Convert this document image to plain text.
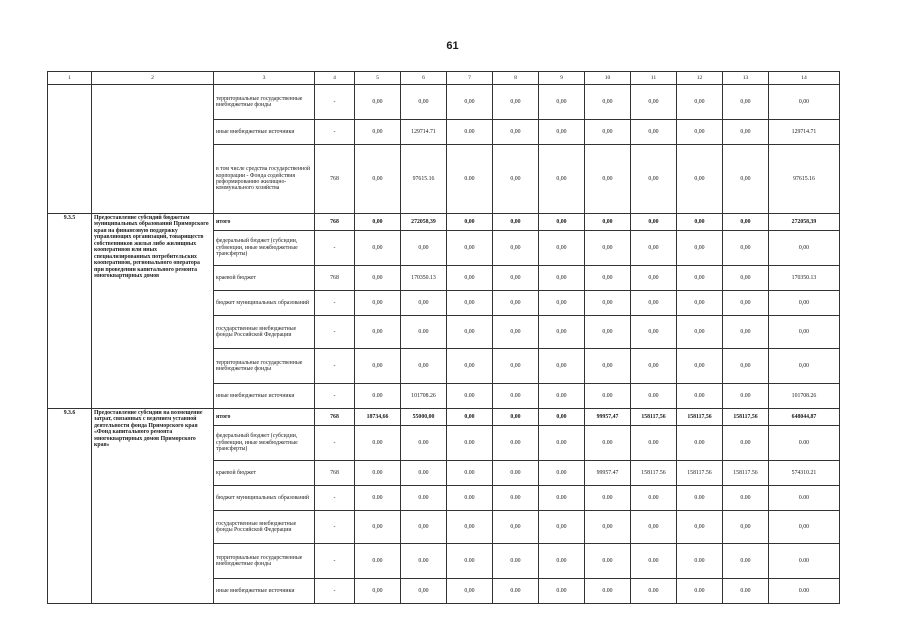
61
1	2	3	4	5	6	7	8	9	10	11	12	13	14
		территориальные государственные внебюджетные фонды	-	0,00	0,00	0,00	0,00	0,00	0,00	0,00	0,00	0,00	0,00
		иные внебюджетные источники	-	0,00	129714.71	0.00	0,00	0,00	0,00	0,00	0,00	0,00	129714.71
		в том числе средства государственной корпорации - Фонда содействия реформированию жилищно-коммунального хозяйства	768	0,00	97615.16	0.00	0,00	0,00	0,00	0,00	0,00	0,00	97615.16
9.3.5	Предоставление субсидий бюджетам муниципальных образований Приморского края на финансовую поддержку управляющих организаций, товариществ собственников жилья либо жилищных кооперативов или иных специализированных потребительских кооперативов, регионального оператора при проведении капитального ремонта многоквартирных домов	итого	768	0,00	272058,39	0,00	0,00	0,00	0,00	0,00	0,00	0,00	272058,39
		федеральный бюджет (субсидии, субвенции, иные межбюджетные трансферты)	-	0,00	0,00	0,00	0,00	0,00	0,00	0,00	0,00	0,00	0,00
		краевой бюджет	768	0,00	170350.13	0,00	0,00	0,00	0,00	0,00	0,00	0,00	170350.13
		бюджет муниципальных образований	-	0,00	0,00	0,00	0,00	0,00	0,00	0,00	0,00	0,00	0,00
		государственные внебюджетные фонды Российской Федерации	-	0,00	0.00	0,00	0,00	0,00	0,00	0,00	0,00	0,00	0,00
		территориальные государственные внебюджетные фонды	-	0,00	0,00	0,00	0,00	0,00	0,00	0,00	0,00	0,00	0,00
		иные внебюджетные источники	-	0.00	101708.26	0.00	0.00	0.00	0.00	0.00	0.00	0.00	101708.26
9.3.6	Предоставление субсидии на возмещение затрат, связанных с ведением уставной деятельности фонда Приморского края «Фонд капитального ремонта многоквартирных домов Приморского края»	итого	768	18734,66	55000,00	0,00	0,00	0,00	99957,47	158117,56	158117,56	158117,56	648044,87
		федеральный бюджет (субсидии, субвенции, иные межбюджетные трансферты)	-	0.00	0.00	0.00	0.00	0.00	0.00	0.00	0.00	0.00	0.00
		краевой бюджет	768	0.00	0.00	0.00	0.00	0.00	99957.47	158117.56	158117.56	158117.56	574310.21
		бюджет муниципальных образований	-	0.00	0.00	0.00	0.00	0.00	0.00	0.00	0.00	0.00	0.00
		государственные внебюджетные фонды Российской Федерации	-	0,00	0,00	0,00	0,00	0,00	0,00	0,00	0,00	0,00	0,00
		территориальные государственные внебюджетные фонды	-	0.00	0.00	0.00	0.00	0.00	0.00	0.00	0.00	0.00	0.00
		иные внебюджетные источники	-	0,00	0,00	0,00	0.00	0.00	0.00	0.00	0.00	0.00	0.00
